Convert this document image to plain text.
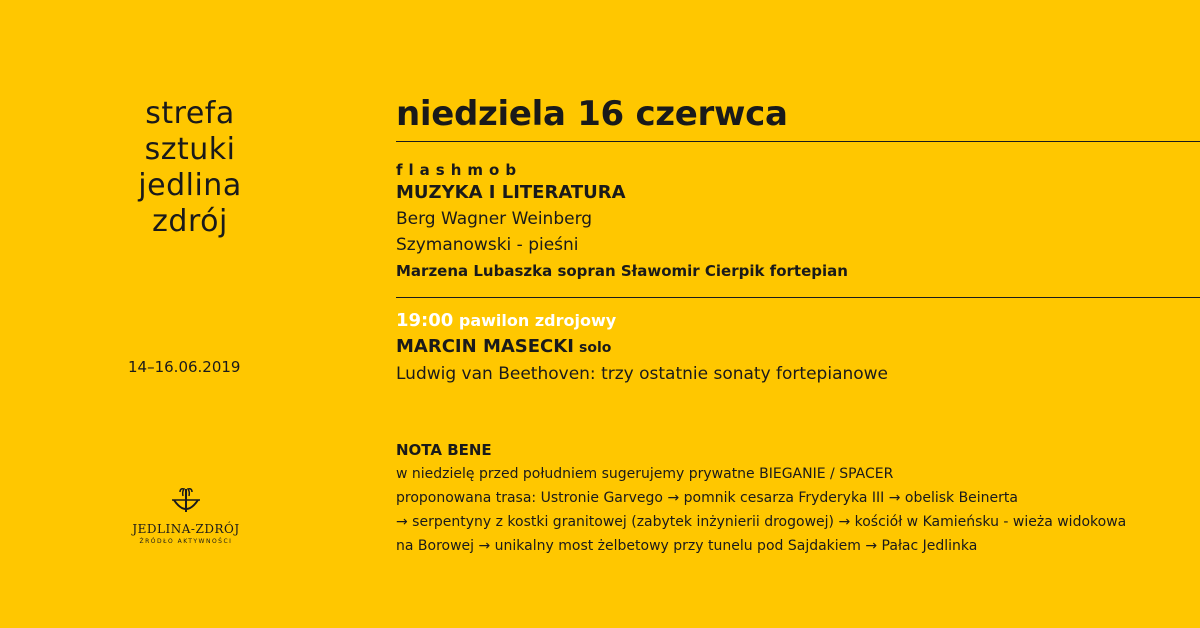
strefa
sztuki
jedlina
zdrój
14–16.06.2019
JEDLINA-ZDRÓJ
ŹRÓDŁO AKTYWNOŚCI
niedziela 16 czerwca
flashmob
MUZYKA I LITERATURA
Berg Wagner Weinberg
Szymanowski - pieśni
Marzena Lubaszka sopran Sławomir Cierpik fortepian
19:00 pawilon zdrojowy
MARCIN MASECKI solo
Ludwig van Beethoven: trzy ostatnie sonaty fortepianowe
NOTA BENE
w niedzielę przed południem sugerujemy prywatne BIEGANIE / SPACER
proponowana trasa: Ustronie Garvego → pomnik cesarza Fryderyka III → obelisk Beinerta
→ serpentyny z kostki granitowej (zabytek inżynierii drogowej) → kościół w Kamieńsku - wieża widokowa
na Borowej → unikalny most żelbetowy przy tunelu pod Sajdakiem → Pałac Jedlinka
